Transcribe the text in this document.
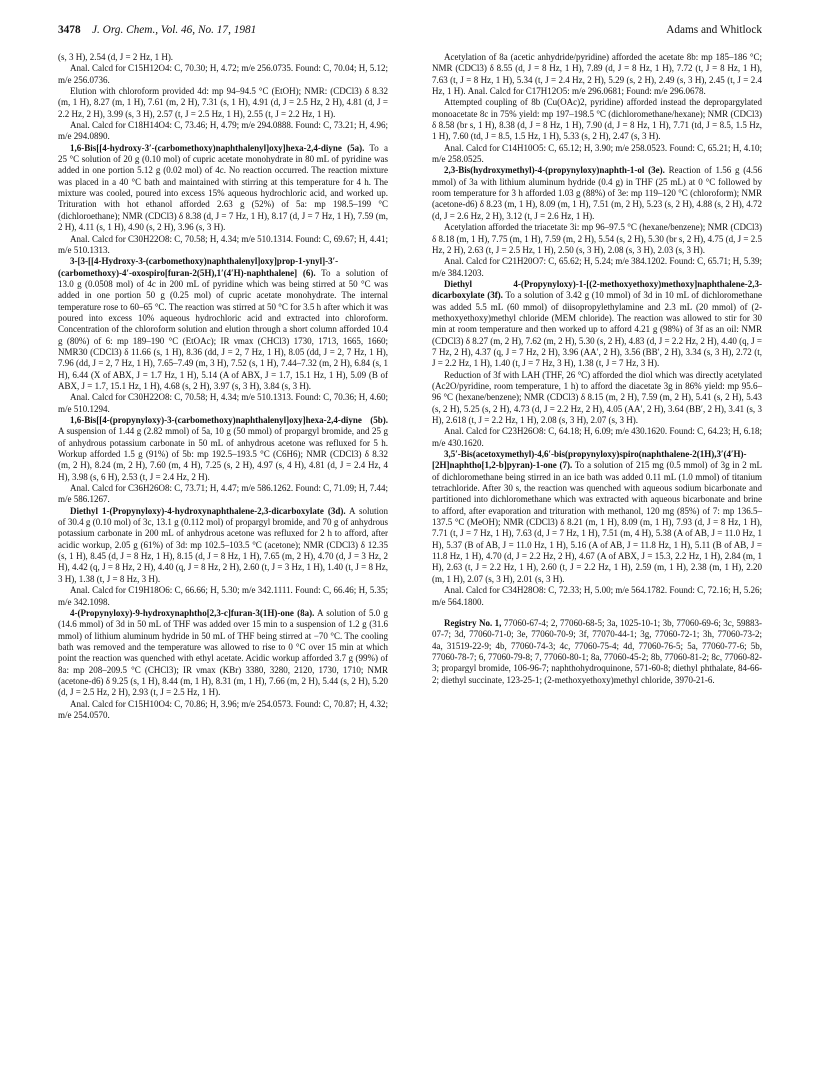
3478 J. Org. Chem., Vol. 46, No. 17, 1981	Adams and Whitlock

(s, 3 H), 2.54 (d, J = 2 Hz, 1 H).

Anal. Calcd for C15H12O4: C, 70.30; H, 4.72; m/e 256.0735. Found: C, 70.04; H, 5.12; m/e 256.0736.

Elution with chloroform provided 4d: mp 94–94.5 °C (EtOH); NMR: (CDCl3) δ 8.32 (m, 1 H), 8.27 (m, 1 H), 7.61 (m, 2 H), 7.31 (s, 1 H), 4.91 (d, J = 2.5 Hz, 2 H), 4.81 (d, J = 2.2 Hz, 2 H), 3.99 (s, 3 H), 2.57 (t, J = 2.5 Hz, 1 H), 2.55 (t, J = 2.2 Hz, 1 H).

Anal. Calcd for C18H14O4: C, 73.46; H, 4.79; m/e 294.0888. Found: C, 73.21; H, 4.96; m/e 294.0890.

1,6-Bis[[4-hydroxy-3′-(carbomethoxy)naphthalenyl]oxy]hexa-2,4-diyne (5a). To a 25 °C solution of 20 g (0.10 mol) of cupric acetate monohydrate in 80 mL of pyridine was added in one portion 5.12 g (0.02 mol) of 4c. No reaction occurred. The reaction mixture was placed in a 40 °C bath and maintained with stirring at this temperature for 4 h. The mixture was cooled, poured into excess 15% aqueous hydrochloric acid, and worked up. Trituration with hot ethanol afforded 2.63 g (52%) of 5a: mp 198.5–199 °C (dichloroethane); NMR (CDCl3) δ 8.38 (d, J = 7 Hz, 1 H), 8.17 (d, J = 7 Hz, 1 H), 7.59 (m, 2 H), 4.11 (s, 1 H), 4.90 (s, 2 H), 3.96 (s, 3 H).

Anal. Calcd for C30H22O8: C, 70.58; H, 4.34; m/e 510.1314. Found: C, 69.67; H, 4.41; m/e 510.1313.

3-[3-[[4-Hydroxy-3-(carbomethoxy)naphthalenyl]oxy]prop-1-ynyl]-3′-(carbomethoxy)-4′-oxospiro[furan-2(5H),1′(4′H)-naphthalene] (6). To a solution of 13.0 g (0.0508 mol) of 4c in 200 mL of pyridine which was being stirred at 50 °C was added in one portion 50 g (0.25 mol) of cupric acetate monohydrate. The internal temperature rose to 60–65 °C. The reaction was stirred at 50 °C for 3.5 h after which it was poured into excess 10% aqueous hydrochloric acid and extracted into chloroform. Concentration of the chloroform solution and elution through a short column afforded 10.4 g (80%) of 6: mp 189–190 °C (EtOAc); IR νmax (CHCl3) 1730, 1713, 1665, 1660; NMR30 (CDCl3) δ 11.66 (s, 1 H), 8.36 (dd, J = 2, 7 Hz, 1 H), 8.05 (dd, J = 2, 7 Hz, 1 H), 7.96 (dd, J = 2, 7 Hz, 1 H), 7.65–7.49 (m, 3 H), 7.52 (s, 1 H), 7.44–7.32 (m, 2 H), 6.84 (s, 1 H), 6.44 (X of ABX, J = 1.7 Hz, 1 H), 5.14 (A of ABX, J = 1.7, 15.1 Hz, 1 H), 5.09 (B of ABX, J = 1.7, 15.1 Hz, 1 H), 4.68 (s, 2 H), 3.97 (s, 3 H), 3.84 (s, 3 H).

Anal. Calcd for C30H22O8: C, 70.58; H, 4.34; m/e 510.1313. Found: C, 70.36; H, 4.60; m/e 510.1294.

1,6-Bis[[4-(propynyloxy)-3-(carbomethoxy)naphthalenyl]oxy]hexa-2,4-diyne (5b). A suspension of 1.44 g (2.82 mmol) of 5a, 10 g (50 mmol) of propargyl bromide, and 25 g of anhydrous potassium carbonate in 50 mL of anhydrous acetone was refluxed for 5 h. Workup afforded 1.5 g (91%) of 5b: mp 192.5–193.5 °C (C6H6); NMR (CDCl3) δ 8.32 (m, 2 H), 8.24 (m, 2 H), 7.60 (m, 4 H), 7.25 (s, 2 H), 4.97 (s, 4 H), 4.81 (d, J = 2.4 Hz, 4 H), 3.98 (s, 6 H), 2.53 (t, J = 2.4 Hz, 2 H).

Anal. Calcd for C36H26O8: C, 73.71; H, 4.47; m/e 586.1262. Found: C, 71.09; H, 7.44; m/e 586.1267.

Diethyl 1-(Propynyloxy)-4-hydroxynaphthalene-2,3-dicarboxylate (3d). A solution of 30.4 g (0.10 mol) of 3c, 13.1 g (0.112 mol) of propargyl bromide, and 70 g of anhydrous potassium carbonate in 200 mL of anhydrous acetone was refluxed for 2 h to afford, after acidic workup, 2.05 g (61%) of 3d: mp 102.5–103.5 °C (acetone); NMR (CDCl3) δ 12.35 (s, 1 H), 8.45 (d, J = 8 Hz, 1 H), 8.15 (d, J = 8 Hz, 1 H), 7.65 (m, 2 H), 4.70 (d, J = 3 Hz, 2 H), 4.42 (q, J = 8 Hz, 2 H), 4.40 (q, J = 8 Hz, 2 H), 2.60 (t, J = 3 Hz, 1 H), 1.40 (t, J = 8 Hz, 3 H), 1.38 (t, J = 8 Hz, 3 H).

Anal. Calcd for C19H18O6: C, 66.66; H, 5.30; m/e 342.1111. Found: C, 66.46; H, 5.35; m/e 342.1098.

4-(Propynyloxy)-9-hydroxynaphtho[2,3-c]furan-3(1H)-one (8a). A solution of 5.0 g (14.6 mmol) of 3d in 50 mL of THF was added over 15 min to a suspension of 1.2 g (31.6 mmol) of lithium aluminum hydride in 50 mL of THF being stirred at −70 °C. The cooling bath was removed and the temperature was allowed to rise to 0 °C over 15 min at which point the reaction was quenched with ethyl acetate. Acidic workup afforded 3.7 g (99%) of 8a: mp 208–209.5 °C (CHCl3); IR νmax (KBr) 3380, 3280, 2120, 1730, 1710; NMR (acetone-d6) δ 9.25 (s, 1 H), 8.44 (m, 1 H), 8.31 (m, 1 H), 7.66 (m, 2 H), 5.44 (s, 2 H), 5.20 (d, J = 2.5 Hz, 2 H), 2.93 (t, J = 2.5 Hz, 1 H).

Anal. Calcd for C15H10O4: C, 70.86; H, 3.96; m/e 254.0573. Found: C, 70.87; H, 4.32; m/e 254.0570.

Acetylation of 8a (acetic anhydride/pyridine) afforded the acetate 8b: mp 185–186 °C; NMR (CDCl3) δ 8.55 (d, J = 8 Hz, 1 H), 7.89 (d, J = 8 Hz, 1 H), 7.72 (t, J = 8 Hz, 1 H), 7.63 (t, J = 8 Hz, 1 H), 5.34 (t, J = 2.4 Hz, 2 H), 5.29 (s, 2 H), 2.49 (s, 3 H), 2.45 (t, J = 2.4 Hz, 1 H). Anal. Calcd for C17H12O5: m/e 296.0681; Found: m/e 296.0678.

Attempted coupling of 8b (Cu(OAc)2, pyridine) afforded instead the depropargylated monoacetate 8c in 75% yield: mp 197–198.5 °C (dichloromethane/hexane); NMR (CDCl3) δ 8.58 (br s, 1 H), 8.38 (d, J = 8 Hz, 1 H), 7.90 (d, J = 8 Hz, 1 H), 7.71 (td, J = 8.5, 1.5 Hz, 1 H), 7.60 (td, J = 8.5, 1.5 Hz, 1 H), 5.33 (s, 2 H), 2.47 (s, 3 H).

Anal. Calcd for C14H10O5: C, 65.12; H, 3.90; m/e 258.0523. Found: C, 65.21; H, 4.10; m/e 258.0525.

2,3-Bis(hydroxymethyl)-4-(propynyloxy)naphth-1-ol (3e). Reaction of 1.56 g (4.56 mmol) of 3a with lithium aluminum hydride (0.4 g) in THF (25 mL) at 0 °C followed by room temperature for 3 h afforded 1.03 g (88%) of 3e: mp 119–120 °C (chloroform); NMR (acetone-d6) δ 8.23 (m, 1 H), 8.09 (m, 1 H), 7.51 (m, 2 H), 5.23 (s, 2 H), 4.88 (s, 2 H), 4.72 (d, J = 2.6 Hz, 2 H), 3.12 (t, J = 2.6 Hz, 1 H).

Acetylation afforded the triacetate 3i: mp 96–97.5 °C (hexane/benzene); NMR (CDCl3) δ 8.18 (m, 1 H), 7.75 (m, 1 H), 7.59 (m, 2 H), 5.54 (s, 2 H), 5.30 (br s, 2 H), 4.75 (d, J = 2.5 Hz, 2 H), 2.63 (t, J = 2.5 Hz, 1 H), 2.50 (s, 3 H), 2.08 (s, 3 H), 2.03 (s, 3 H).

Anal. Calcd for C21H20O7: C, 65.62; H, 5.24; m/e 384.1202. Found: C, 65.71; H, 5.39; m/e 384.1203.

Diethyl 4-(Propynyloxy)-1-[(2-methoxyethoxy)methoxy]naphthalene-2,3-dicarboxylate (3f). To a solution of 3.42 g (10 mmol) of 3d in 10 mL of dichloromethane was added 5.5 mL (60 mmol) of diisopropylethylamine and 2.3 mL (20 mmol) of (2-methoxyethoxy)methyl chloride (MEM chloride). The reaction was allowed to stir for 30 min at room temperature and then worked up to afford 4.21 g (98%) of 3f as an oil: NMR (CDCl3) δ 8.27 (m, 2 H), 7.62 (m, 2 H), 5.30 (s, 2 H), 4.83 (d, J = 2.2 Hz, 2 H), 4.40 (q, J = 7 Hz, 2 H), 4.37 (q, J = 7 Hz, 2 H), 3.96 (AA′, 2 H), 3.56 (BB′, 2 H), 3.34 (s, 3 H), 2.72 (t, J = 2.2 Hz, 1 H), 1.40 (t, J = 7 Hz, 3 H), 1.38 (t, J = 7 Hz, 3 H).

Reduction of 3f with LAH (THF, 26 °C) afforded the diol which was directly acetylated (Ac2O/pyridine, room temperature, 1 h) to afford the diacetate 3g in 86% yield: mp 95.6–96 °C (hexane/benzene); NMR (CDCl3) δ 8.15 (m, 2 H), 7.59 (m, 2 H), 5.41 (s, 2 H), 5.43 (s, 2 H), 5.25 (s, 2 H), 4.73 (d, J = 2.2 Hz, 2 H), 4.05 (AA′, 2 H), 3.64 (BB′, 2 H), 3.41 (s, 3 H), 2.618 (t, J = 2.2 Hz, 1 H), 2.08 (s, 3 H), 2.07 (s, 3 H).

Anal. Calcd for C23H26O8: C, 64.18; H, 6.09; m/e 430.1620. Found: C, 64.23; H, 6.18; m/e 430.1620.

3,5′-Bis(acetoxymethyl)-4,6′-bis(propynyloxy)spiro(naphthalene-2(1H),3′(4′H)-[2H]naphtho[1,2-b]pyran)-1-one (7). To a solution of 215 mg (0.5 mmol) of 3g in 2 mL of dichloromethane being stirred in an ice bath was added 0.11 mL (1.0 mmol) of titanium tetrachloride. After 30 s, the reaction was quenched with aqueous sodium bicarbonate and partitioned into dichloromethane which was extracted with aqueous bicarbonate and brine to afford, after evaporation and trituration with methanol, 120 mg (85%) of 7: mp 136.5–137.5 °C (MeOH); NMR (CDCl3) δ 8.21 (m, 1 H), 8.09 (m, 1 H), 7.93 (d, J = 8 Hz, 1 H), 7.71 (t, J = 7 Hz, 1 H), 7.63 (d, J = 7 Hz, 1 H), 7.51 (m, 4 H), 5.38 (A of AB, J = 11.0 Hz, 1 H), 5.37 (B of AB, J = 11.0 Hz, 1 H), 5.16 (A of AB, J = 11.8 Hz, 1 H), 5.11 (B of AB, J = 11.8 Hz, 1 H), 4.70 (d, J = 2.2 Hz, 2 H), 4.67 (A of ABX, J = 15.3, 2.2 Hz, 1 H), 2.84 (m, 1 H), 2.63 (t, J = 2.2 Hz, 1 H), 2.60 (t, J = 2.2 Hz, 1 H), 2.59 (m, 1 H), 2.38 (m, 1 H), 2.20 (m, 1 H), 2.07 (s, 3 H), 2.01 (s, 3 H).

Anal. Calcd for C34H28O8: C, 72.33; H, 5.00; m/e 564.1782. Found: C, 72.16; H, 5.26; m/e 564.1800.

Registry No. 1, 77060-67-4; 2, 77060-68-5; 3a, 1025-10-1; 3b, 77060-69-6; 3c, 59883-07-7; 3d, 77060-71-0; 3e, 77060-70-9; 3f, 77070-44-1; 3g, 77060-72-1; 3h, 77060-73-2; 4a, 31519-22-9; 4b, 77060-74-3; 4c, 77060-75-4; 4d, 77060-76-5; 5a, 77060-77-6; 5b, 77060-78-7; 6, 77060-79-8; 7, 77060-80-1; 8a, 77060-45-2; 8b, 77060-81-2; 8c, 77060-82-3; propargyl bromide, 106-96-7; naphthohydroquinone, 571-60-8; diethyl phthalate, 84-66-2; diethyl succinate, 123-25-1; (2-methoxyethoxy)methyl chloride, 3970-21-6.
